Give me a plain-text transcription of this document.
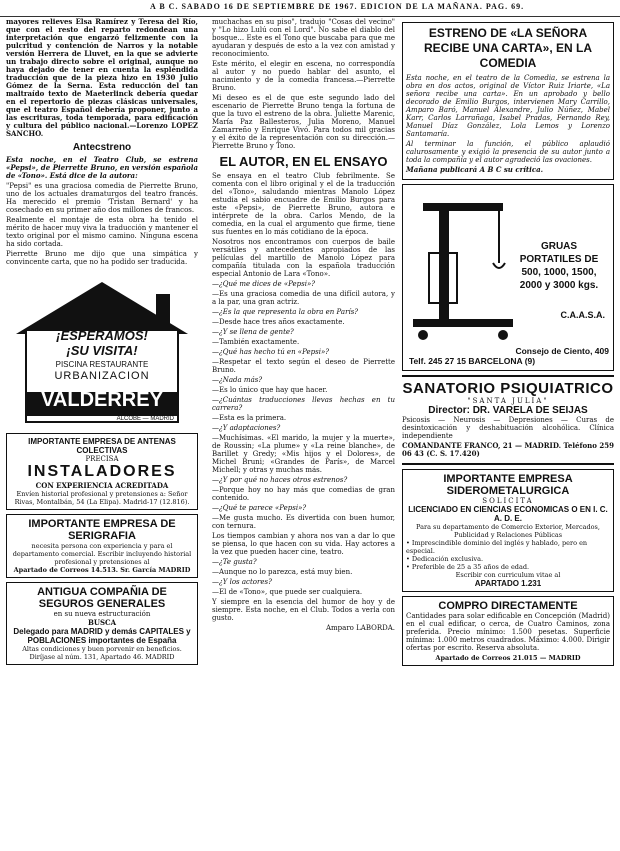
A B C. SABADO 16 DE SEPTIEMBRE DE 1967. EDICION DE LA MAÑANA. PAG. 69.

mayores relieves Elsa Ramírez y Teresa del Río, que con el resto del reparto redondean una interpretación que engarzó felizmente con la pulcritud y contención de Narros y la notable versión Herrera de Lluvet, en la que se advierte un trabajo directo sobre el original, aunque no haya dejado de tener en cuenta la espléndida traducción que de la pieza hizo en 1930 Julio Gómez de la Serna. Esta reducción del tan maltraído texto de Maeterlinck debería quedar en el repertorio de piezas clásicas universales, que el teatro Español debería proponer, junto a las escrituras, toda temporada, para edificación y cultura del público nacional.—Lorenzo LOPEZ SANCHO.

Antecstreno

Esta noche, en el Teatro Club, se estrena «Pepsi», de Pierrette Bruno, en versión española de «Tono». Está dice de la autora:

"Pepsi" es una graciosa comedia de Pierrette Bruno, uno de los actuales dramaturgos del teatro francés. Ha merecido el premio 'Tristan Bernard' y ha cosechado en su primer año dos millones de francos.

Realmente el montaje de esta obra ha tenido el mérito de hacer muy viva la traducción y mantener el texto original por el mismo camino. Ninguna escena ha sido cortada.

Pierrette Bruno me dijo que una simpática y convincente carta, que no ha podido ser traducida.

¡ESPERAMOS!
¡SU VISITA!
PISCINA RESTAURANTE
URBANIZACION
CIUDAD JARDIN
VALDERREY
ALCOBE — MADRID
IMPORTANTE EMPRESA DE ANTENAS COLECTIVAS
PRECISA
INSTALADORES
CON EXPERIENCIA ACREDITADA
Envíen historial profesional y pretensiones a: Señor Rivas, Montalbán, 54 (La Elipa). Madrid-17 (12.816).
IMPORTANTE EMPRESA DE SERIGRAFIA
necesita persona con experiencia y para el departamento comercial. Escribir incluyendo historial profesional y pretensiones al
Apartado de Correos 14.513. Sr. García MADRID
ANTIGUA COMPAÑIA DE SEGUROS GENERALES
en su nueva estructuración
BUSCA
Delegado para MADRID y demás CAPITALES y POBLACIONES importantes de España
Altas condiciones y buen porvenir en beneficios. Diríjase al núm. 131, Apartado 46. MADRID

muchachas en su piso", tradujo "Cosas del vecino" y "Lo hizo Lulú con el Lord". No sabe el diablo del bosque... Este es el Tono que buscaba para que me ayudaran y después de esto a la vez con amistad y reconocimiento.

Este mérito, el elegir en escena, no correspondía al autor y no puedo hablar del asunto, el nacimiento y de la comedia francesa.—Pierrette Bruno.

Mi deseo es el de que este segundo lado del escenario de Pierrette Bruno tenga la fortuna de que la tuvo el estreno de la obra. Juliette Marenic, María Paz Ballesteros, Julia Moreno, Manuel Zamarreño y Enrique Vivó. Para todos mil gracias y el éxito de la representación con su dirección.—Pierrette Bruno y Tono.

EL AUTOR, EN EL ENSAYO

Se ensaya en el teatro Club febrilmente. Se comenta con el libro original y el de la traducción del «Tono», saludando mientras Manolo López estudia el sabio encuadre de Emilio Burgos para este «Pepsi», de Pierrette Bruno, autora e intérprete de la obra. Carlos Mendo, de la comedia, en la cual el argumento que firme, tiene sus fuentes en lo más cotidiano de la época.

Nosotros nos encontramos con cuerpos de baile versátiles y antecedentes apropiados de las películas del martillo de Manolo López para compañía titulada con la española traducción especial Antonio de Lara «Tono».

—¿Qué me dices de «Pepsi»?

—Es una graciosa comedia de una difícil autora, y a la par, una gran actriz.

—¿Es la que representa la obra en París?

—Desde hace tres años exactamente.

—¿Y se llena de gente?

—También exactamente.

—¿Qué has hecho tú en «Pepsi»?

—Respetar el texto según el deseo de Pierrette Bruno.

—¿Nada más?

—Es lo único que hay que hacer.

—¿Cuántas traducciones llevas hechas en tu carrera?

—Esta es la primera.

—¿Y adaptaciones?

—Muchísimas. «El marido, la mujer y la muerte», de Roussin; «La plume» y «La reine blanche», de Barillet y Gredy; «Mis hijos y el Dolores», de Michel Bruni; «Grandes de París», de Marcel Michell; y otras y muchas más.

—¿Y por qué no haces otros estrenos?

—Porque hoy no hay más que comedias de gran contenido.

—¿Qué te parece «Pepsi»?

—Me gusta mucho. Es divertida con buen humor, con ternura.

Los tiempos cambian y ahora nos van a dar lo que se piensa, lo que hacen con su vida. Hay actores a la vez que pueden hacer cine, teatro.

—¿Te gusta?

—Aunque no lo parezca, está muy bien.

—¿Y los actores?

—El de «Tono», que puede ser cualquiera.

Y siempre en la esencia del humor de hoy y de siempre. Esta noche, en el Club. Todos a verla con gusto.

Amparo LABORDA.

ESTRENO DE «LA SEÑORA RECIBE UNA CARTA», EN LA COMEDIA

Esta noche, en el teatro de la Comedia, se estrena la obra en dos actos, original de Víctor Ruiz Iriarte, «La señora recibe una carta». En un aprobado y bello decorado de Emilio Burgos, intervienen Mary Carrillo, Amparo Baró, Manuel Alexandre, Julio Núñez, Mabel Karr, Carlos Larrañaga, Isabel Pradas, Fernando Rey, Manuel Díaz González, Lola Lemos y Lorenzo Santamaría.

Al terminar la función, el público aplaudió calurosamente y exigió la presencia de su autor junto a toda la compañía y el autor agradeció las ovaciones.

Mañana publicará A B C su crítica.

GRUAS PORTATILES DE 500, 1000, 1500, 2000 y 3000 kgs.
C.A.A.S.A.
Consejo de Ciento, 409
Telf. 245 27 15 BARCELONA (9)
SANATORIO PSIQUIATRICO
"SANTA JULIA"
Director: DR. VARELA DE SEIJAS

Psicosis — Neurosis — Depresiones — Curas de desintoxicación y deshabituación alcohólica. Clínica independiente

COMANDANTE FRANCO, 21 — MADRID. Teléfono 259 06 43 (C. S. 17.420)

IMPORTANTE EMPRESA
SIDEROMETALURGICA
SOLICITA
LICENCIADO EN CIENCIAS ECONOMICAS O EN I. C. A. D. E.
Para su departamento de Comercio Exterior, Mercados, Publicidad y Relaciones Públicas
• Imprescindible dominio del inglés y hablado, pero en especial.
• Dedicación exclusiva.
• Preferible de 25 a 35 años de edad.
Escribir con curriculum vitae al
APARTADO 1.231
COMPRO DIRECTAMENTE

Cantidades para solar edificable en Concepción (Madrid) en el cual edificar, o cerca, de Cuatro Caminos, zona preferida. Precio mínimo: 1.500 pesetas. Superficie mínima: 1.000 metros cuadrados. Máximo: 4.000. Dirigir ofertas por escrito. Reserva absoluta.

Apartado de Correos 21.015 — MADRID
